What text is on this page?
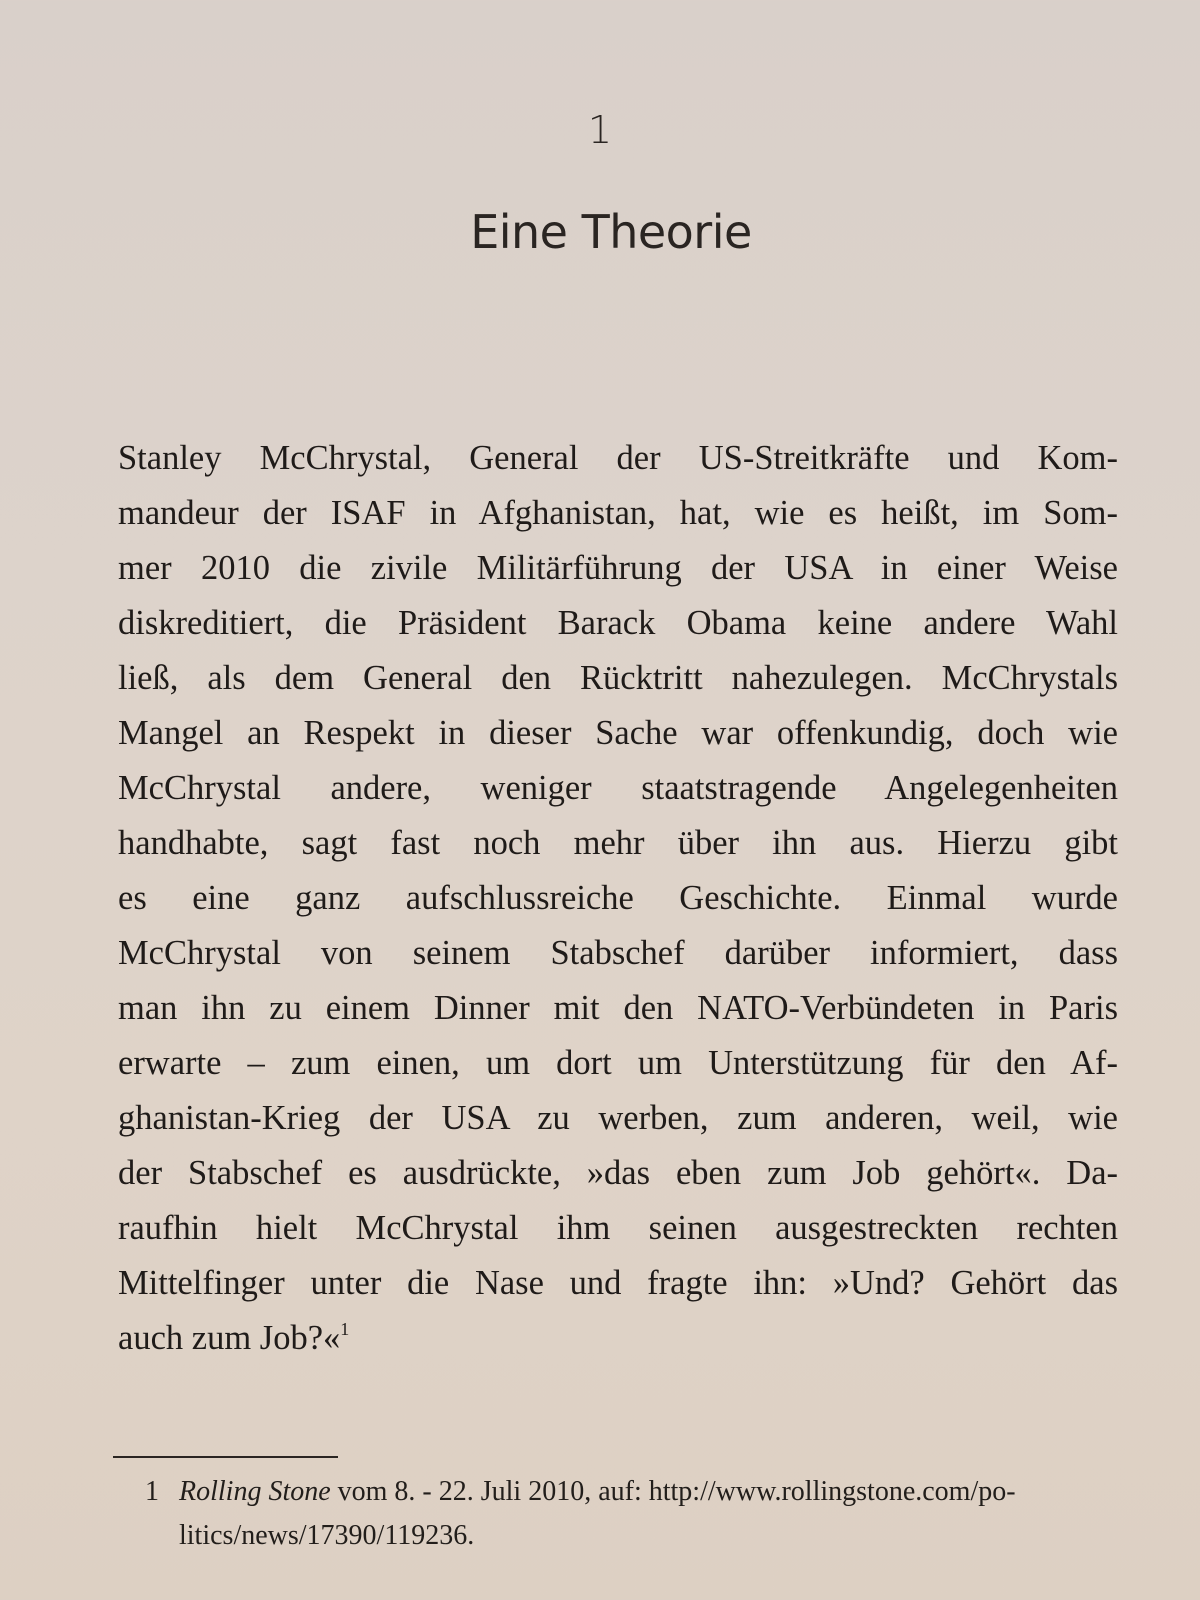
1
Eine Theorie
Stanley McChrystal, General der US-Streitkräfte und Kom-
mandeur der ISAF in Afghanistan, hat, wie es heißt, im Som-
mer 2010 die zivile Militärführung der USA in einer Weise
diskreditiert, die Präsident Barack Obama keine andere Wahl
ließ, als dem General den Rücktritt nahezulegen. McChrystals
Mangel an Respekt in dieser Sache war offenkundig, doch wie
McChrystal andere, weniger staatstragende Angelegenheiten
handhabte, sagt fast noch mehr über ihn aus. Hierzu gibt
es eine ganz aufschlussreiche Geschichte. Einmal wurde
McChrystal von seinem Stabschef darüber informiert, dass
man ihn zu einem Dinner mit den NATO-Verbündeten in Paris
erwarte – zum einen, um dort um Unterstützung für den Af-
ghanistan-Krieg der USA zu werben, zum anderen, weil, wie
der Stabschef es ausdrückte, »das eben zum Job gehört«. Da-
raufhin hielt McChrystal ihm seinen ausgestreckten rechten
Mittelfinger unter die Nase und fragte ihn: »Und? Gehört das
auch zum Job?«$^1$
1 Rolling Stone vom 8. - 22. Juli 2010, auf: http://www.rollingstone.com/po-
litics/news/17390/119236.
